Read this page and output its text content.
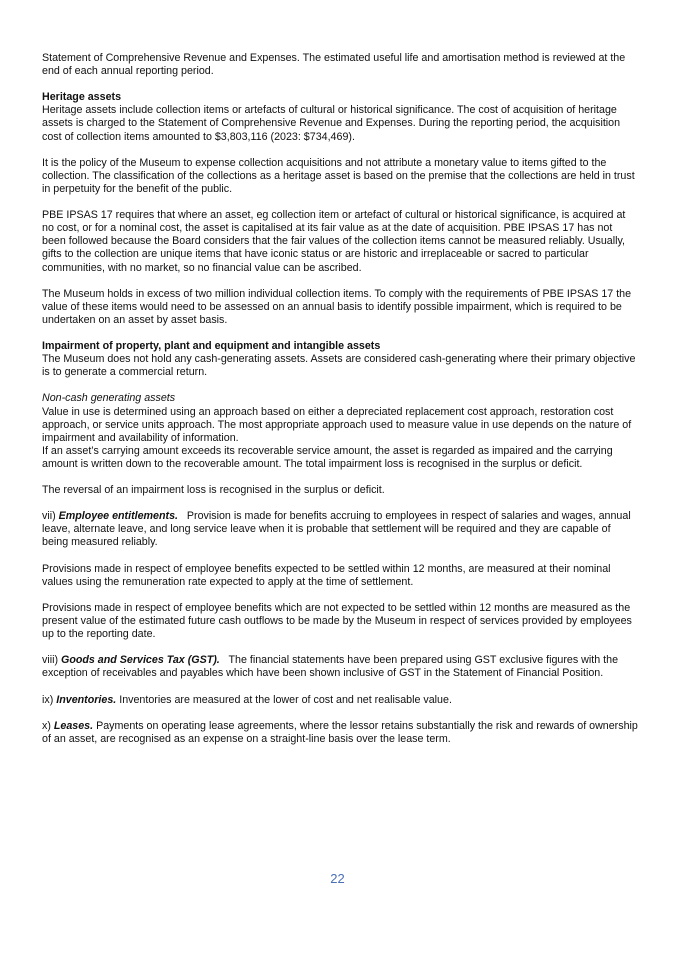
Statement of Comprehensive Revenue and Expenses. The estimated useful life and amortisation method is reviewed at the end of each annual reporting period.

Heritage assets
Heritage assets include collection items or artefacts of cultural or historical significance. The cost of acquisition of heritage assets is charged to the Statement of Comprehensive Revenue and Expenses. During the reporting period, the acquisition cost of collection items amounted to $3,803,116 (2023: $734,469).

It is the policy of the Museum to expense collection acquisitions and not attribute a monetary value to items gifted to the collection. The classification of the collections as a heritage asset is based on the premise that the collections are held in trust in perpetuity for the benefit of the public.

PBE IPSAS 17 requires that where an asset, eg collection item or artefact of cultural or historical significance, is acquired at no cost, or for a nominal cost, the asset is capitalised at its fair value as at the date of acquisition. PBE IPSAS 17 has not been followed because the Board considers that the fair values of the collection items cannot be measured reliably. Usually, gifts to the collection are unique items that have iconic status or are historic and irreplaceable or sacred to particular communities, with no market, so no financial value can be ascribed.

The Museum holds in excess of two million individual collection items. To comply with the requirements of PBE IPSAS 17 the value of these items would need to be assessed on an annual basis to identify possible impairment, which is required to be undertaken on an asset by asset basis.

Impairment of property, plant and equipment and intangible assets
The Museum does not hold any cash-generating assets. Assets are considered cash-generating where their primary objective is to generate a commercial return.

Non-cash generating assets
Value in use is determined using an approach based on either a depreciated replacement cost approach, restoration cost approach, or service units approach. The most appropriate approach used to measure value in use depends on the nature of impairment and availability of information.
If an asset’s carrying amount exceeds its recoverable service amount, the asset is regarded as impaired and the carrying amount is written down to the recoverable amount. The total impairment loss is recognised in the surplus or deficit.

The reversal of an impairment loss is recognised in the surplus or deficit.

vii) Employee entitlements.   Provision is made for benefits accruing to employees in respect of salaries and wages, annual leave, alternate leave, and long service leave when it is probable that settlement will be required and they are capable of being measured reliably.

Provisions made in respect of employee benefits expected to be settled within 12 months, are measured at their nominal values using the remuneration rate expected to apply at the time of settlement.

Provisions made in respect of employee benefits which are not expected to be settled within 12 months are measured as the present value of the estimated future cash outflows to be made by the Museum in respect of services provided by employees up to the reporting date.

viii) Goods and Services Tax (GST).   The financial statements have been prepared using GST exclusive figures with the exception of receivables and payables which have been shown inclusive of GST in the Statement of Financial Position.

ix) Inventories. Inventories are measured at the lower of cost and net realisable value.

x) Leases. Payments on operating lease agreements, where the lessor retains substantially the risk and rewards of ownership of an asset, are recognised as an expense on a straight-line basis over the lease term.

22
